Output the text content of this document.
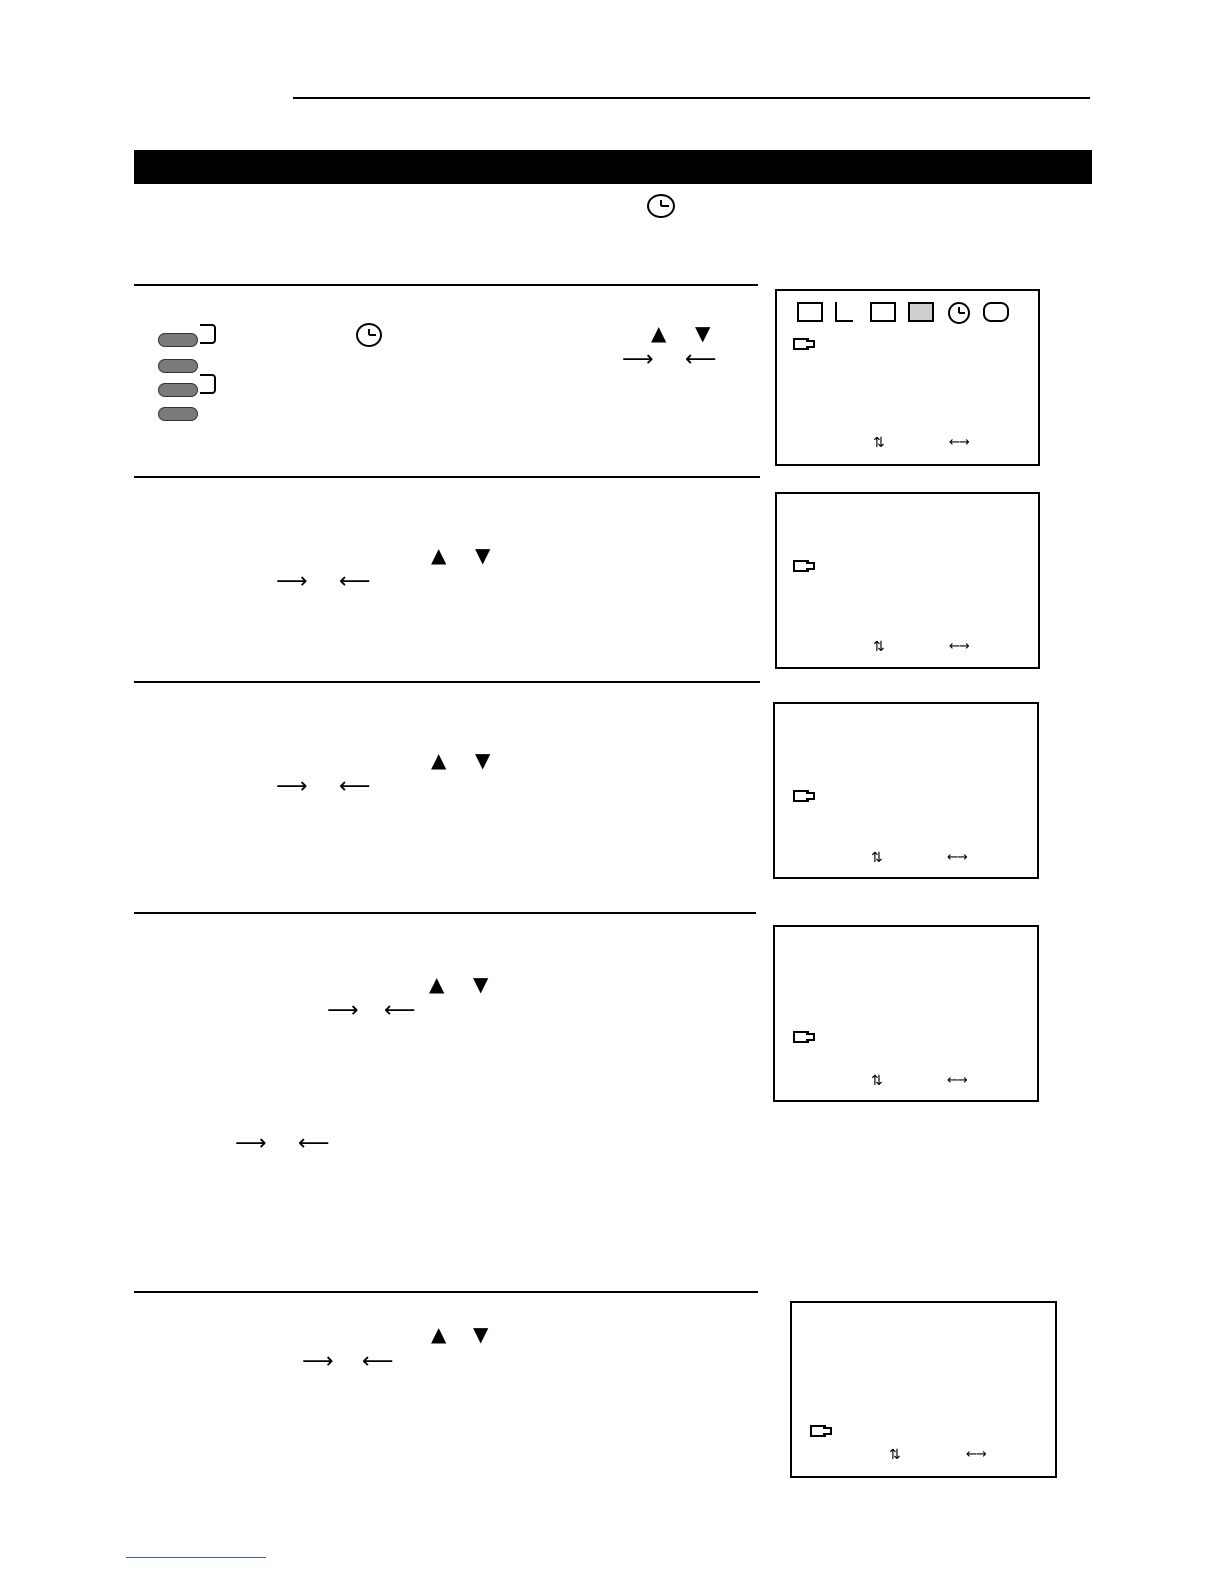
▲ ▼
⟶ ⟵
⇅	←→
▲ ▼
⟶ ⟵
⇅	←→
▲ ▼
⟶ ⟵
⇅	←→
▲ ▼
⟶ ⟵
⟶ ⟵
⇅	←→
▲ ▼
⟶ ⟵
⇅	←→
